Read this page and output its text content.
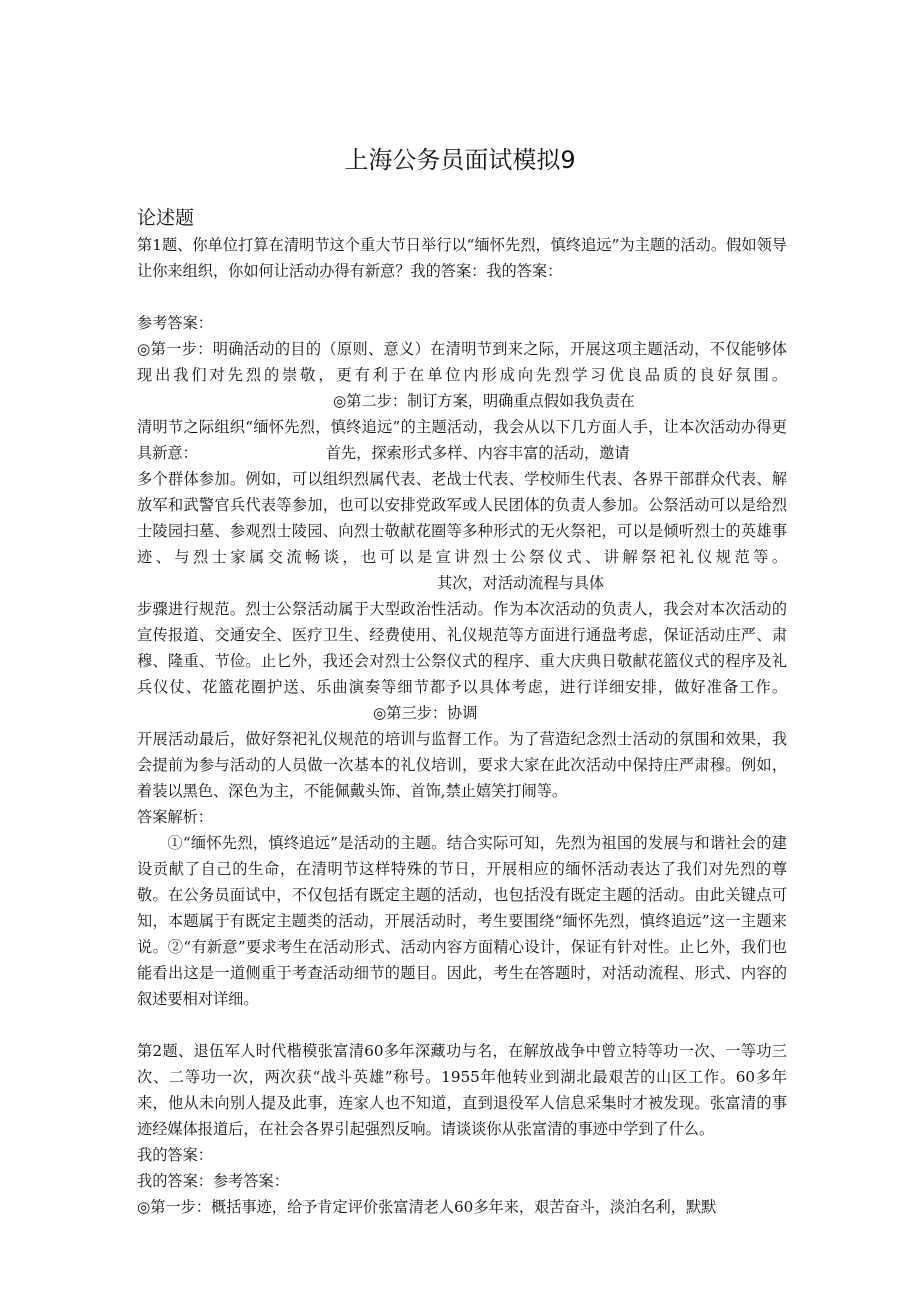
上海公务员面试模拟9
论述题

第1题、你单位打算在清明节这个重大节日举行以“缅怀先烈，慎终追远”为主题的活动。假如领导让你来组织，你如何让活动办得有新意？我的答案：我的答案：

参考答案：

◎第一步：明确活动的目的（原则、意义）在清明节到来之际，开展这项主题活动，不仅能够体现出我们对先烈的崇敬，更有利于在单位内形成向先烈学习优良品质的良好氛围。◎第二步：制订方案，明确重点假如我负责在

清明节之际组织“缅怀先烈，慎终追远”的主题活动，我会从以下几方面人手，让本次活动办得更具新意：	首先，探索形式多样、内容丰富的活动，邀请

多个群体参加。例如，可以组织烈属代表、老战士代表、学校师生代表、各界干部群众代表、解放军和武警官兵代表等参加，也可以安排党政军或人民团体的负责人参加。公祭活动可以是给烈士陵园扫墓、参观烈士陵园、向烈士敬献花圈等多种形式的无火祭祀，可以是倾听烈士的英雄事迹、与烈士家属交流畅谈，也可以是宣讲烈士公祭仪式、讲解祭祀礼仪规范等。其次，对活动流程与具体

步骤进行规范。烈士公祭活动属于大型政治性活动。作为本次活动的负责人，我会对本次活动的宣传报道、交通安全、医疗卫生、经费使用、礼仪规范等方面进行通盘考虑，保证活动庄严、肃穆、隆重、节俭。止匕外，我还会对烈士公祭仪式的程序、重大庆典日敬献花篮仪式的程序及礼兵仪仗、花篮花圈护送、乐曲演奏等细节都予以具体考虑，进行详细安排，做好准备工作。◎第三步：协调

开展活动最后，做好祭祀礼仪规范的培训与监督工作。为了营造纪念烈士活动的氛围和效果，我会提前为参与活动的人员做一次基本的礼仪培训，要求大家在此次活动中保持庄严肃穆。例如，着装以黑色、深色为主，不能佩戴头饰、首饰,禁止嬉笑打闹等。

答案解析：

①“缅怀先烈，慎终追远”是活动的主题。结合实际可知，先烈为祖国的发展与和谐社会的建设贡献了自己的生命，在清明节这样特殊的节日，开展相应的缅怀活动表达了我们对先烈的尊敬。在公务员面试中，不仅包括有既定主题的活动，也包括没有既定主题的活动。由此关键点可知，本题属于有既定主题类的活动，开展活动时，考生要围绕“缅怀先烈，慎终追远”这一主题来说。②“有新意”要求考生在活动形式、活动内容方面精心设计，保证有针对性。止匕外，我们也能看出这是一道侧重于考查活动细节的题目。因此，考生在答题时，对活动流程、形式、内容的叙述要相对详细。

第2题、退伍军人时代楷模张富清60多年深藏功与名，在解放战争中曾立特等功一次、一等功三次、二等功一次，两次获“战斗英雄”称号。1955年他转业到湖北最艰苦的山区工作。60多年来，他从未向别人提及此事，连家人也不知道，直到退役军人信息采集时才被发现。张富清的事迹经媒体报道后，在社会各界引起强烈反响。请谈谈你从张富清的事迹中学到了什么。

我的答案：

我的答案：参考答案：

◎第一步：概括事迹，给予肯定评价张富清老人60多年来，艰苦奋斗，淡泊名利，默默
